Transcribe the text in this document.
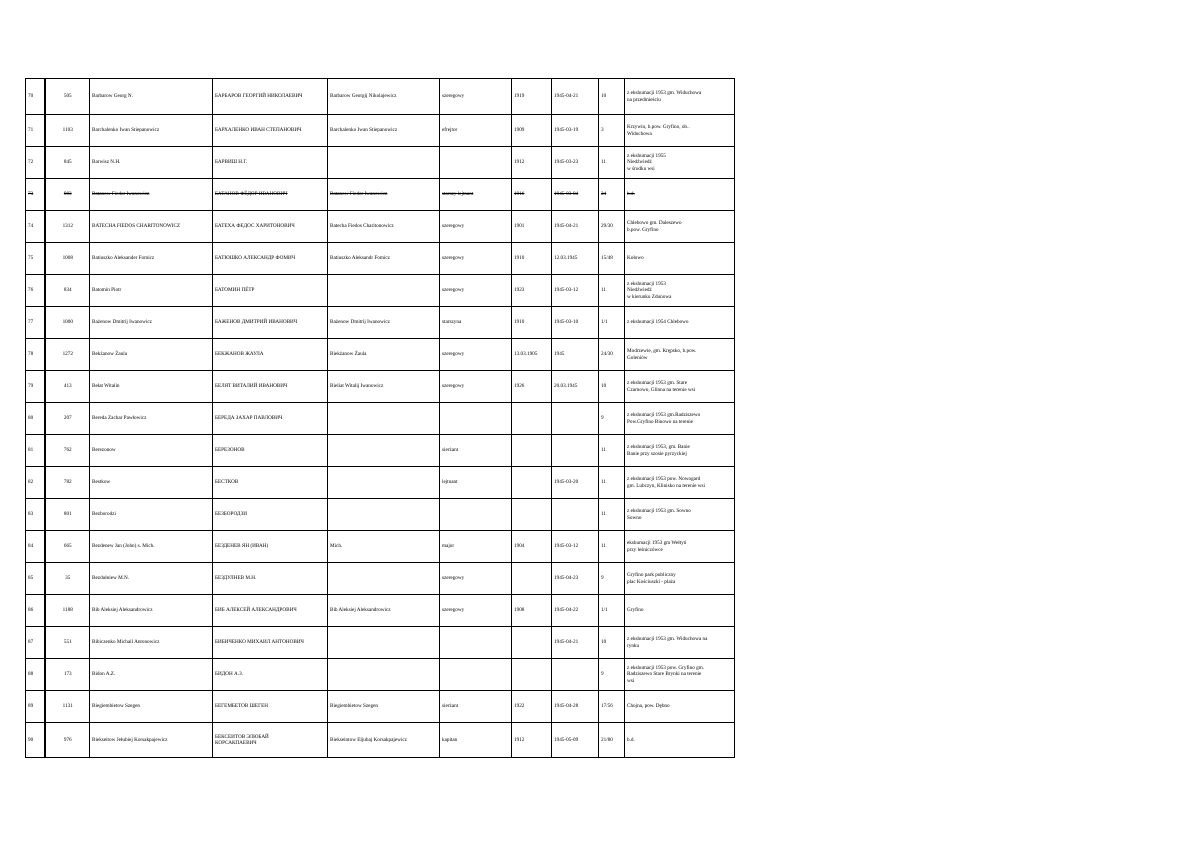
70	505	Barbarow Georg N.	БАРБАРОВ ГЕОРГИЙ НИКОЛАЕВИЧ	Barbarow Georgij Nikolajewicz	szeregowy	1919	1945-04-21	10	z ekshumacji 1953 gm. Widuchowa
na przedmieściu
71	1103	Barchalenko Iwan Stiepanowicz	БАРХАЛЕНКО ИВАН СТЕПАНОВИЧ	Barchalenko Iwan Stiepanowicz	efrejtor	1909	1945-03-19	3	Krzywin, b.pow. Gryfino, ob..
Widuchowa
72	845	Barwisz N.H.	БАРВИШ Н.Г.			1912	1945-03-23	11	z ekshumacji 1955
Niedźwiedź
w środku wsi
73	983	Batanow Fiedor Iwanowicz	БАТАНОВ ФЁДОР ИВАНОВИЧ	Batanow Fiedor Iwanowicz	starszy lejtnant	1916	1945-03-04	24	b.d.
74	1312	BATECHA FIEDOS CHARITONOWICZ	БАТЕХА ФЕДОС ХАРИТОНОВИЧ	Batecha Fiedos Charitonowicz	szeregowy	1901	1945-04-21	29/30	Chlebowo gm. Daleszewo
b.pow. Gryfino
75	1008	Batiuszko Aleksander Fomicz	БАТЮШКО АЛЕКСАНДР ФОМИЧ	Batiuszko Aleksandr Fomicz	szeregowy	1910	12.03.1945	15/48	Kołowo
76	834	Batomin Piotr	БАТОМИН ПЁТР		szeregowy	1923	1945-03-12	11	z ekshumacji 1953
Niedźwiedź
w kierunku Zdunowa
77	1000	Bażenow Dmitrij Iwanowicz	БАЖЕНОВ ДМИТРИЙ ИВАНОВИЧ	Bażenow Dmitrij Iwanowicz	starszyna	1910	1945-03-10	1/1	z ekshumacji 1954 Chlebowo
78	1272	Bekżanow Żaula	БЕКЖАНОВ ЖАУЛА	Biekżanow Żaula	szeregowy	13.03.1905	1945	24/30	Modrzewie, gm. Krępsko, b.pow.
Goleniów
79	413	Bełat Witalin	БЕЛЯТ ВИТАЛИЙ ИВАНОВИЧ	Bieliat Witalij Iwanowicz	szeregowy	1926	20.03.1945	10	z ekshumacji 1953 gm. Stare
Czarnowo, Glinna na terenie wsi
80	207	Bereda Zachar Pawłowicz	БЕРЕДА ЗАХАР ПАВЛОВИЧ					9	z ekshumacji 1953 gm.Radziszewo
Pow.Gryfino Binowo na terenie
81	762	Berezonow	БЕРЕЗОНОВ		sierżant			11	z ekshumacji 1953, gm. Banie
Banie przy szosie pyrzyckiej
82	782	Bestkow	БЕСТКОВ		lejtnant		1945-03-20	11	z ekshumacji 1953 pow. Nowogard
gm. Lubczyn, Klinisko na terenie wsi
83	801	Bezborodzi	БЕЗБОРОДЗИ					11	z ekshumacji 1953 gm. Sowno
Sowno
84	665	Bezdenew Jan (John) s. Mich.	БЕЗДЕНЕВ ЯН (ИВАН)	Mich.	major	1904	1945-03-12	11	ekshumacji 1953 gm Wełtyń
przy leśniczówce
85	35	Bezdułniew M.N.	БЕЗДУЛНЕВ М.Н.		szeregowy		1945-04-23	9	Gryfino park publiczny
plac Kościuszki - plaża
86	1188	Bib Aleksiej Aleksandrowicz	БИБ АЛЕКСЕЙ АЛЕКСАНДРОВИЧ	Bib Aleksiej Aleksandrowicz	szeregowy	1908	1945-04-22	1/1	Gryfino
87	551	Bibiczenko Michail Antonowicz	БИБИЧЕНКО МИХАИЛ АНТОНОВИЧ				1945-04-21	10	z ekshumacji 1953 gm. Widuchowa na
rynku
88	173	Bidon A.Z.	БИДОН А.З.					9	z ekshumacji 1953 pow. Gryfino gm.
Radziszewo Stare Brynki na terenie
wsi
89	1131	Biegiembietow Szegen	БЕГЕМБЕТОВ ШЕГЕН	Biegiembietow Szegen	sierżant	1922	1945-04-28	17/56	Chojna, pow. Dębno
90	976	Biekseitow Jełubiej Korsakpajewicz	БЕКСЕИТОВ ЭЛЮБАЙ
КОРСАКПАЕВИЧ	Biekseintow Eljubaj Korsakpajewicz	kapitan	1912	1945-05-09	21/80	b.d.
